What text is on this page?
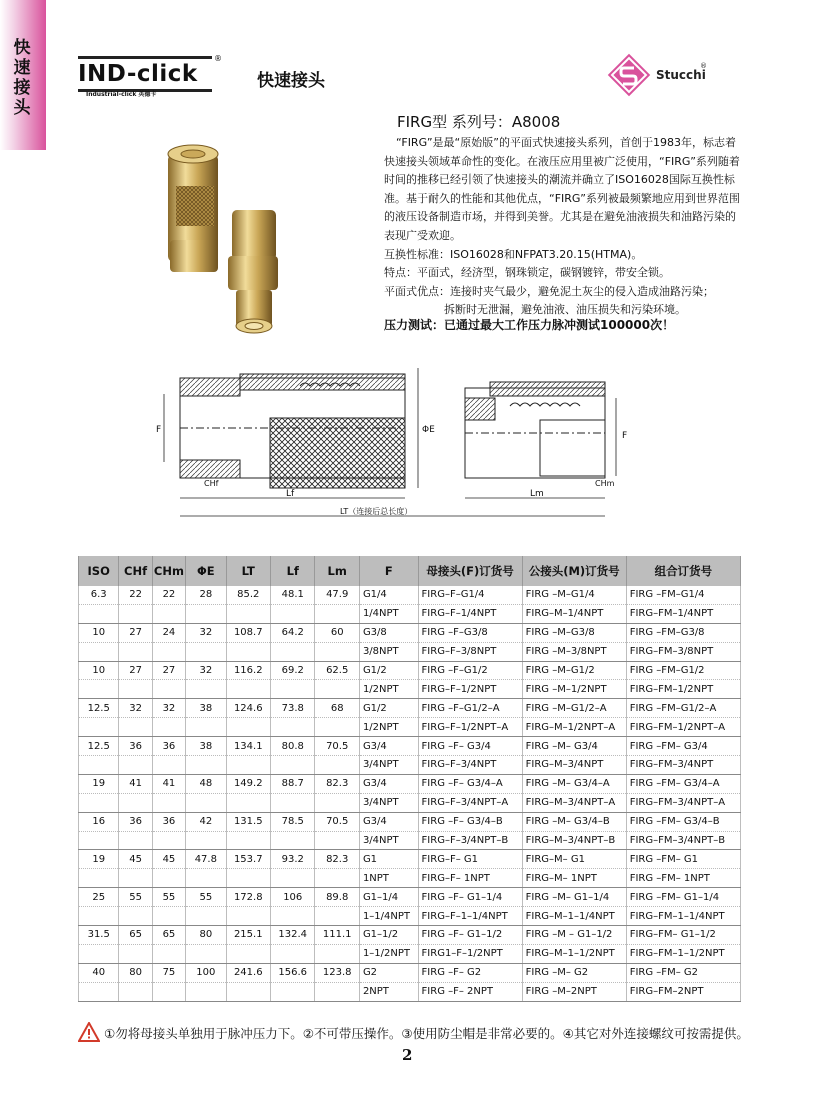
快速接头
IND-click
Industrial-click 英德卡
®
快速接头	Stucchi
®
FIRG型 系列号：A8008

“FIRG”是最“原始版”的平面式快速接头系列，首创于1983年，标志着快速接头领域革命性的变化。在液压应用里被广泛使用，“FIRG”系列随着时间的推移已经引领了快速接头的潮流并确立了ISO16028国际互换性标准。基于耐久的性能和其他优点，“FIRG”系列被最频繁地应用到世界范围的液压设备制造市场，并得到美誉。尤其是在避免油液损失和油路污染的表现广受欢迎。

互换性标准：ISO16028和NFPAT3.20.15(HTMA)。

特点：平面式，经济型，钢珠锁定，碳钢镀锌，带安全锁。

平面式优点：连接时夹气最少，避免泥土灰尘的侵入造成油路污染；

拆断时无泄漏，避免油液、油压损失和污染环境。

压力测试：已通过最大工作压力脉冲测试100000次！
F	ΦE
F
CHf	CHm
Lf	Lm
LT（连接后总长度）
ISO	CHf	CHm	ΦE	LT	Lf	Lm	F	母接头(F)订货号	公接头(M)订货号	组合订货号
6.3	22	22	28	85.2	48.1	47.9	G1/4	FIRG–F–G1/4	FIRG –M–G1/4	FIRG –FM–G1/4
							1/4NPT	FIRG–F–1/4NPT	FIRG–M–1/4NPT	FIRG–FM–1/4NPT
10	27	24	32	108.7	64.2	60	G3/8	FIRG –F–G3/8	FIRG –M–G3/8	FIRG –FM–G3/8
							3/8NPT	FIRG–F–3/8NPT	FIRG –M–3/8NPT	FIRG–FM–3/8NPT
10	27	27	32	116.2	69.2	62.5	G1/2	FIRG –F–G1/2	FIRG –M–G1/2	FIRG –FM–G1/2
							1/2NPT	FIRG–F–1/2NPT	FIRG –M–1/2NPT	FIRG–FM–1/2NPT
12.5	32	32	38	124.6	73.8	68	G1/2	FIRG –F–G1/2–A	FIRG –M–G1/2–A	FIRG –FM–G1/2–A
							1/2NPT	FIRG–F–1/2NPT–A	FIRG–M–1/2NPT–A	FIRG–FM–1/2NPT–A
12.5	36	36	38	134.1	80.8	70.5	G3/4	FIRG –F– G3/4	FIRG –M– G3/4	FIRG –FM– G3/4
							3/4NPT	FIRG–F–3/4NPT	FIRG–M–3/4NPT	FIRG–FM–3/4NPT
19	41	41	48	149.2	88.7	82.3	G3/4	FIRG –F– G3/4–A	FIRG –M– G3/4–A	FIRG –FM– G3/4–A
							3/4NPT	FIRG–F–3/4NPT–A	FIRG–M–3/4NPT–A	FIRG–FM–3/4NPT–A
16	36	36	42	131.5	78.5	70.5	G3/4	FIRG –F– G3/4–B	FIRG –M– G3/4–B	FIRG –FM– G3/4–B
							3/4NPT	FIRG–F–3/4NPT–B	FIRG–M–3/4NPT–B	FIRG–FM–3/4NPT–B
19	45	45	47.8	153.7	93.2	82.3	G1	FIRG–F– G1	FIRG–M– G1	FIRG –FM– G1
							1NPT	FIRG–F– 1NPT	FIRG–M– 1NPT	FIRG –FM– 1NPT
25	55	55	55	172.8	106	89.8	G1–1/4	FIRG –F– G1–1/4	FIRG –M– G1–1/4	FIRG –FM– G1–1/4
							1–1/4NPT	FIRG–F–1–1/4NPT	FIRG–M–1–1/4NPT	FIRG–FM–1–1/4NPT
31.5	65	65	80	215.1	132.4	111.1	G1–1/2	FIRG –F– G1–1/2	FIRG –M – G1–1/2	FIRG–FM– G1–1/2
							1–1/2NPT	FIRG1–F–1/2NPT	FIRG–M–1–1/2NPT	FIRG–FM–1–1/2NPT
40	80	75	100	241.6	156.6	123.8	G2	FIRG –F– G2	FIRG –M– G2	FIRG –FM– G2
							2NPT	FIRG –F– 2NPT	FIRG –M–2NPT	FIRG–FM–2NPT
①勿将母接头单独用于脉冲压力下。②不可带压操作。③使用防尘帽是非常必要的。④其它对外连接螺纹可按需提供。
2
